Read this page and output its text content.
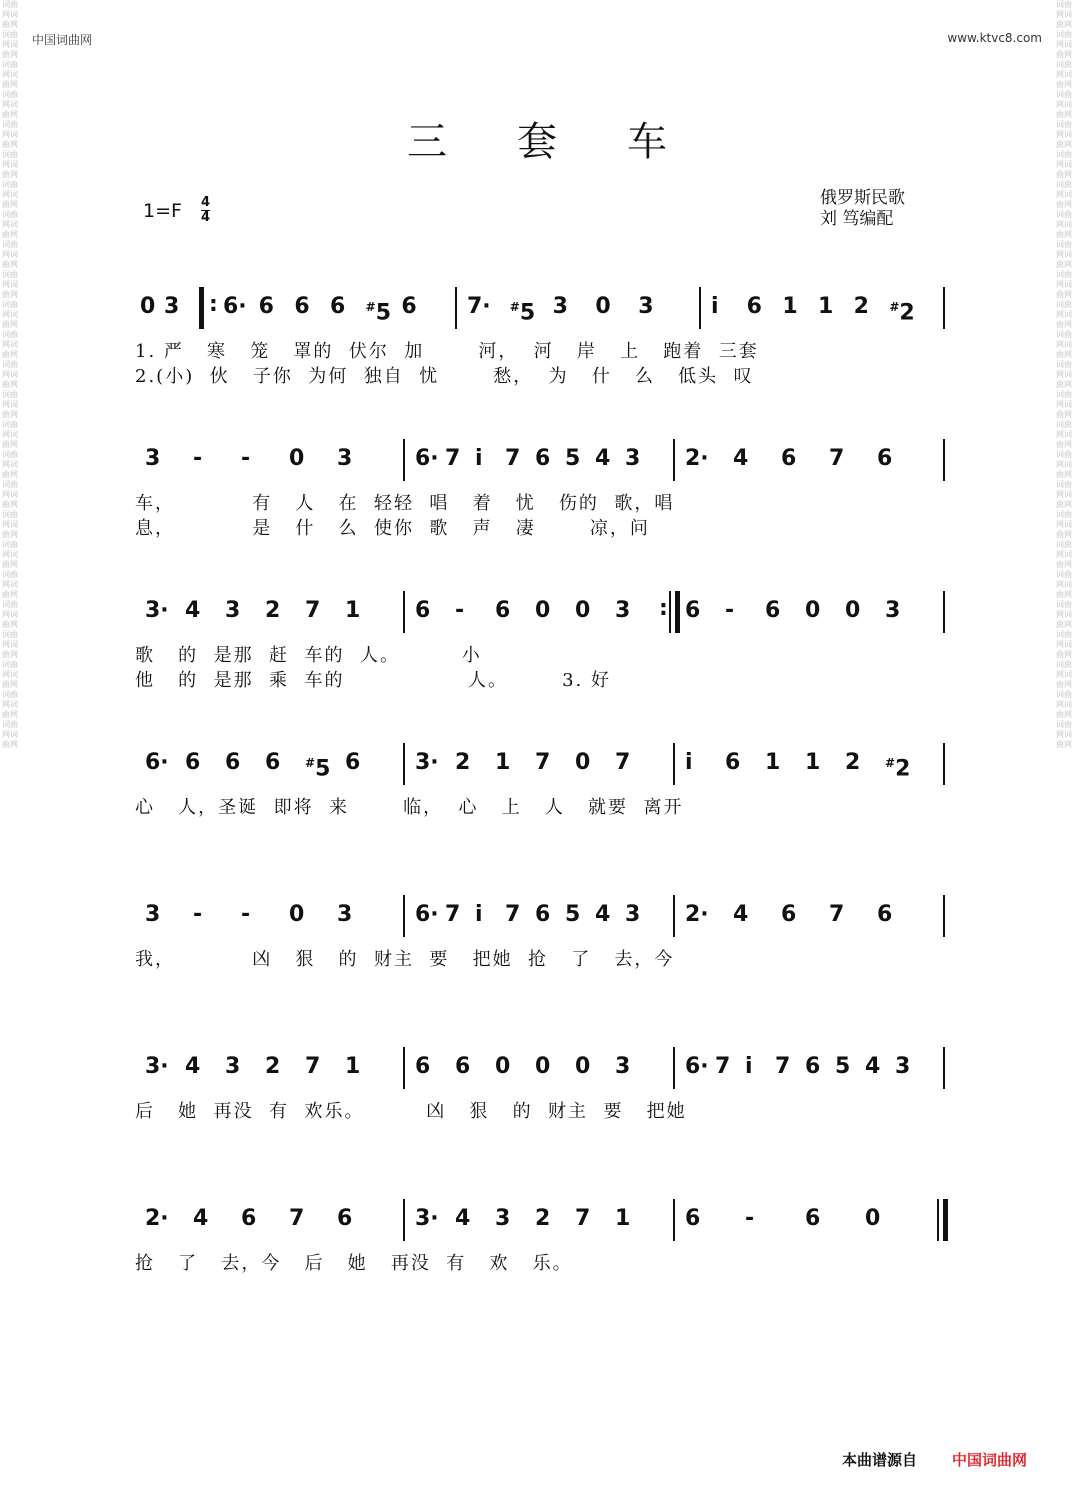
词曲网词曲网词曲网词曲网词曲网词曲网词曲网词曲网词曲网词曲网词曲网词曲网词曲网词曲网词曲网词曲网词曲网词曲网词曲网词曲网词曲网词曲网词曲网词曲网词曲网词曲网词曲网词曲网词曲网词曲网词曲网词曲网词曲网词曲网词曲网词曲网词曲网词曲网词曲网词曲网词曲网词曲网词曲网词曲网词曲网词曲网词曲网词曲网词曲网词曲网
词曲网词曲网词曲网词曲网词曲网词曲网词曲网词曲网词曲网词曲网词曲网词曲网词曲网词曲网词曲网词曲网词曲网词曲网词曲网词曲网词曲网词曲网词曲网词曲网词曲网词曲网词曲网词曲网词曲网词曲网词曲网词曲网词曲网词曲网词曲网词曲网词曲网词曲网词曲网词曲网词曲网词曲网词曲网词曲网词曲网词曲网词曲网词曲网词曲网词曲网
中国词曲网	www.ktvc8.com
三套车
1=F 4
4
俄罗斯民歌
刘 笃编配
0 3 : 6· 6 6 6 #5 6 7· #5 3 0 3	i 6 1 1 2 #2
1. 严   寒   笼   罩的  伏尔  加       河，  河   岸   上   跑着  三套
2.(小)  伙   子你  为何  独自  忧       愁，  为   什   么   低头  叹
3 - - 0 3	6· 7 i 7 6 5 4 3 2· 4 6 7 6
车，          有   人   在  轻轻  唱   着   忧   伤的  歌，唱
息，          是   什   么  使你  歌   声   凄       凉，问
3· 4 3 2 7 1 6 - 6 0 0 3 : 6 - 6 0 0 3
歌   的  是那  赶  车的  人。        小
他   的  是那  乘  车的                人。       3. 好
6· 6 6 6 #5 6 3· 2 1 7 0 7 i 6 1 1 2 #2
心   人，圣诞  即将  来       临，  心   上   人   就要  离开
3 - - 0 3	6· 7 i 7 6 5 4 3 2· 4 6 7 6
我，          凶   狠   的  财主  要   把她  抢   了   去，今
3· 4 3 2 7 1 6 6 0 0 0 3 6· 7 i 7 6 5 4 3
后   她  再没  有  欢乐。        凶   狠   的  财主  要   把她
2· 4 6 7 6	3· 4 3 2 7 1 6 - 6 0
抢   了   去，今   后   她   再没  有   欢   乐。
本曲谱源自 中国词曲网
